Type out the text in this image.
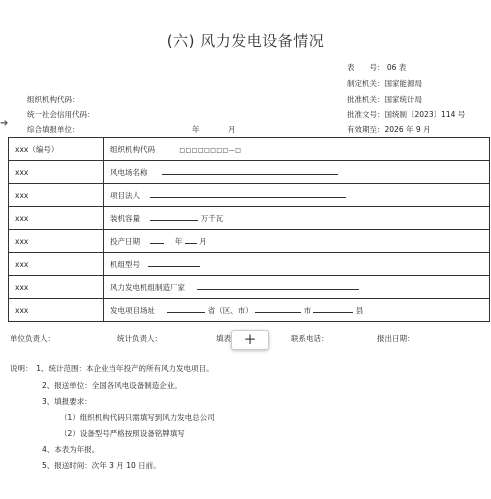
(六) 风力发电设备情况
表　　号： 06 表
制定机关：国家能源局
批准机关：国家统计局
批准文号：国统制〔2023〕114 号
有效期至：2026 年 9 月
组织机构代码：
统一社会信用代码：
综合填报单位：	年	月
➔
xxx（编号）	组织机构代码 □□□□□□□□—□
xxx	风电场名称
xxx	项目法人
xxx	装机容量 万千瓦
xxx	投产日期 年 月
xxx	机组型号
xxx	风力发电机组制造厂家
xxx	发电项目场址 省（区、市） 市 县
单位负责人：	统计负责人：	填表	联系电话：	报出日期：
+
说明：　1、统计范围：本企业当年投产的所有风力发电项目。
2、报送单位：全国各风电设备制造企业。
3、填报要求：
（1）组织机构代码只需填写到风力发电总公司
（2）设备型号严格按照设备铭牌填写
4、本表为年报。
5、报送时间：次年 3 月 10 日前。
